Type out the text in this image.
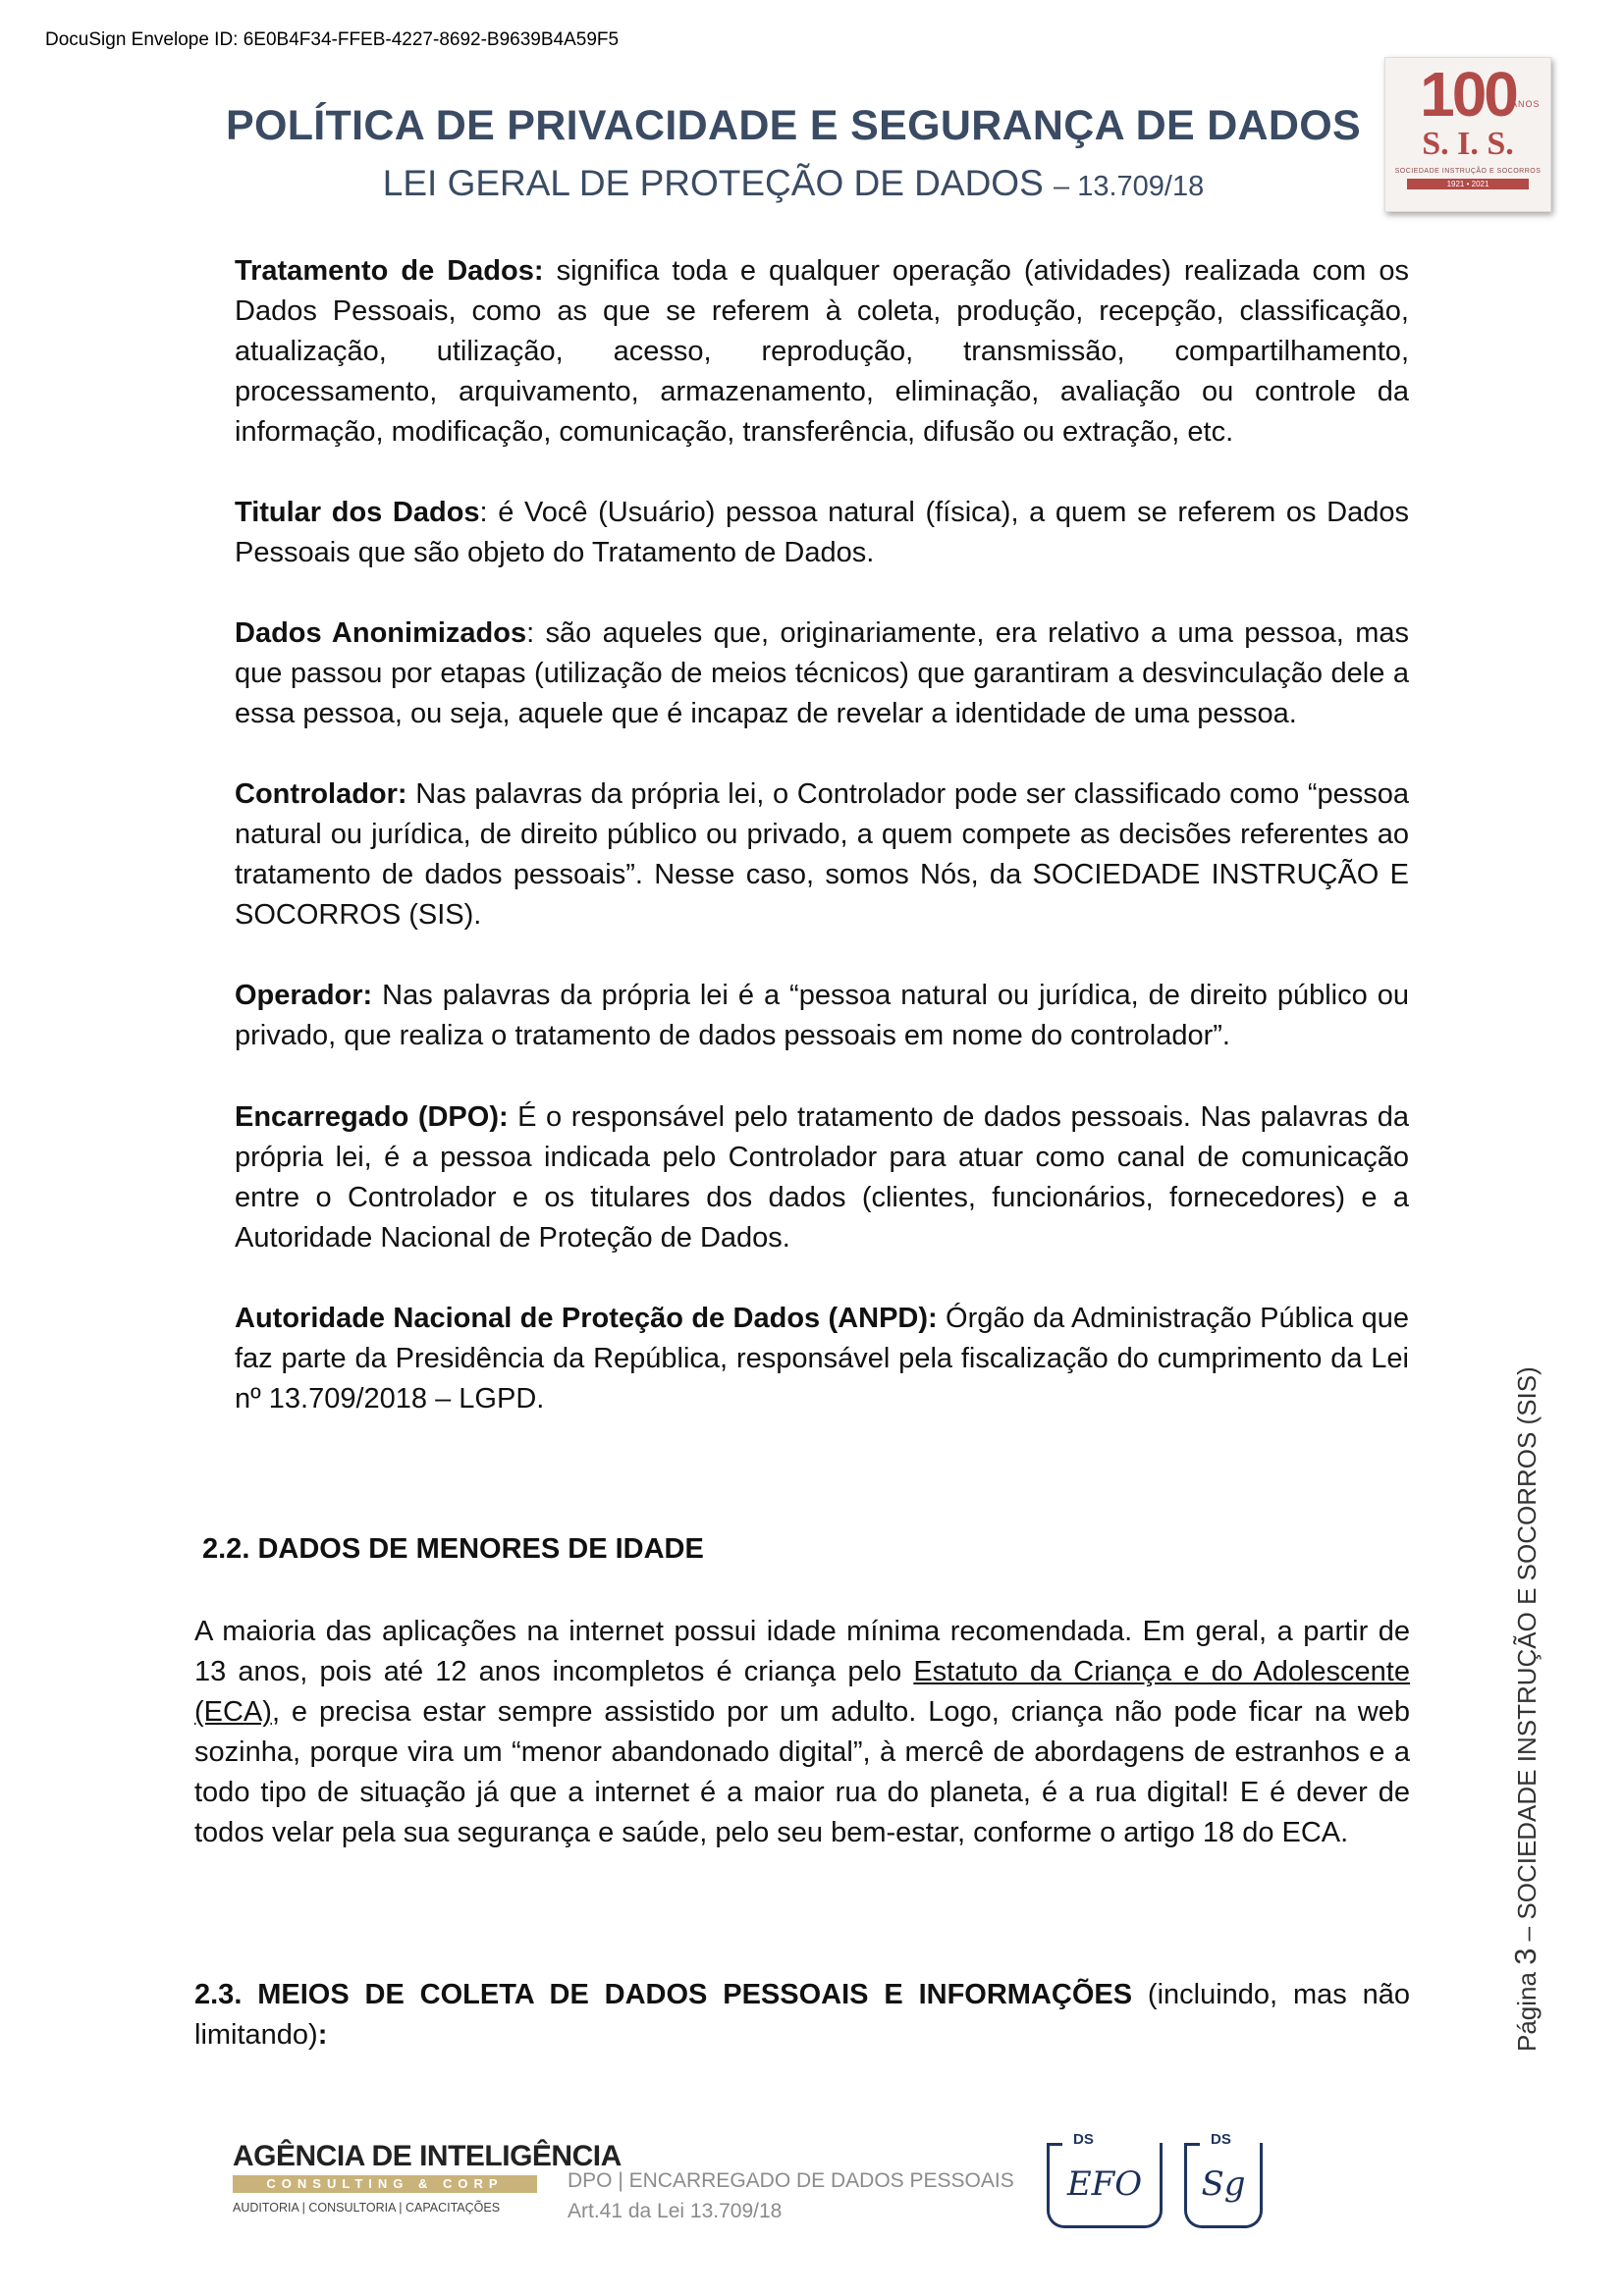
DocuSign Envelope ID: 6E0B4F34-FFEB-4227-8692-B9639B4A59F5
POLÍTICA DE PRIVACIDADE E SEGURANÇA DE DADOS
LEI GERAL DE PROTEÇÃO DE DADOS – 13.709/18
100
ANOS
S. I. S.
SOCIEDADE INSTRUÇÃO E SOCORROS
1921 • 2021
Tratamento de Dados: significa toda e qualquer operação (atividades) realizada com os Dados Pessoais, como as que se referem à coleta, produção, recepção, classificação, atualização, utilização, acesso, reprodução, transmissão, compartilhamento, processamento, arquivamento, armazenamento, eliminação, avaliação ou controle da informação, modificação, comunicação, transferência, difusão ou extração, etc.
Titular dos Dados: é Você (Usuário) pessoa natural (física), a quem se referem os Dados Pessoais que são objeto do Tratamento de Dados.
Dados Anonimizados: são aqueles que, originariamente, era relativo a uma pessoa, mas que passou por etapas (utilização de meios técnicos) que garantiram a desvinculação dele a essa pessoa, ou seja, aquele que é incapaz de revelar a identidade de uma pessoa.
Controlador: Nas palavras da própria lei, o Controlador pode ser classificado como “pessoa natural ou jurídica, de direito público ou privado, a quem compete as decisões referentes ao tratamento de dados pessoais”. Nesse caso, somos Nós, da SOCIEDADE INSTRUÇÃO E SOCORROS (SIS).
Operador: Nas palavras da própria lei é a “pessoa natural ou jurídica, de direito público ou privado, que realiza o tratamento de dados pessoais em nome do controlador”.
Encarregado (DPO): É o responsável pelo tratamento de dados pessoais. Nas palavras da própria lei, é a pessoa indicada pelo Controlador para atuar como canal de comunicação entre o Controlador e os titulares dos dados (clientes, funcionários, fornecedores) e a Autoridade Nacional de Proteção de Dados.
Autoridade Nacional de Proteção de Dados (ANPD): Órgão da Administração Pública que faz parte da Presidência da República, responsável pela fiscalização do cumprimento da Lei nº 13.709/2018 – LGPD.
2.2. DADOS DE MENORES DE IDADE
A maioria das aplicações na internet possui idade mínima recomendada. Em geral, a partir de 13 anos, pois até 12 anos incompletos é criança pelo Estatuto da Criança e do Adolescente (ECA), e precisa estar sempre assistido por um adulto. Logo, criança não pode ficar na web sozinha, porque vira um “menor abandonado digital”, à mercê de abordagens de estranhos e a todo tipo de situação já que a internet é a maior rua do planeta, é a rua digital! E é dever de todos velar pela sua segurança e saúde, pelo seu bem-estar, conforme o artigo 18 do ECA.
2.3. MEIOS DE COLETA DE DADOS PESSOAIS E INFORMAÇÕES (incluindo, mas não limitando):	Página 3 – SOCIEDADE INSTRUÇÃO E SOCORROS (SIS)
AGÊNCIA DE INTELIGÊNCIA
CONSULTING & CORP
AUDITORIA | CONSULTORIA | CAPACITAÇÕES
DPO | ENCARREGADO DE DADOS PESSOAIS
Art.41 da Lei 13.709/18
DS
EFO
DS
Sg
